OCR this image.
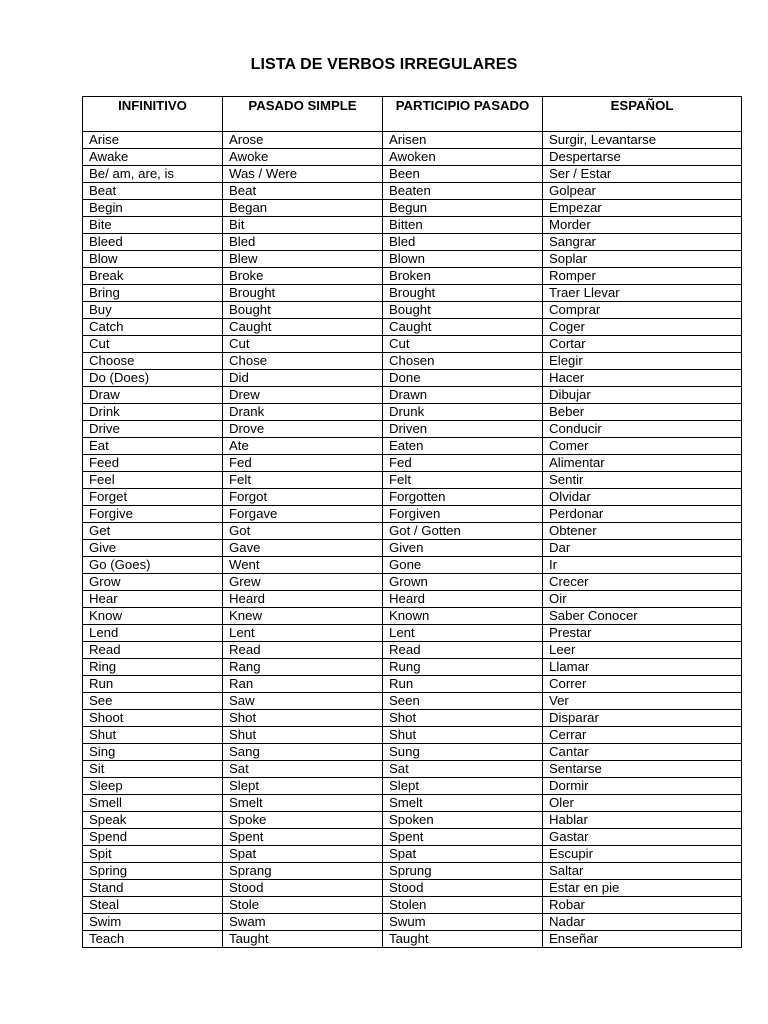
LISTA DE VERBOS IRREGULARES
INFINITIVO	PASADO SIMPLE	PARTICIPIO PASADO	ESPAÑOL
Arise	Arose	Arisen	Surgir, Levantarse
Awake	Awoke	Awoken	Despertarse
Be/ am, are, is	Was / Were	Been	Ser / Estar
Beat	Beat	Beaten	Golpear
Begin	Began	Begun	Empezar
Bite	Bit	Bitten	Morder
Bleed	Bled	Bled	Sangrar
Blow	Blew	Blown	Soplar
Break	Broke	Broken	Romper
Bring	Brought	Brought	Traer Llevar
Buy	Bought	Bought	Comprar
Catch	Caught	Caught	Coger
Cut	Cut	Cut	Cortar
Choose	Chose	Chosen	Elegir
Do (Does)	Did	Done	Hacer
Draw	Drew	Drawn	Dibujar
Drink	Drank	Drunk	Beber
Drive	Drove	Driven	Conducir
Eat	Ate	Eaten	Comer
Feed	Fed	Fed	Alimentar
Feel	Felt	Felt	Sentir
Forget	Forgot	Forgotten	Olvidar
Forgive	Forgave	Forgiven	Perdonar
Get	Got	Got / Gotten	Obtener
Give	Gave	Given	Dar
Go (Goes)	Went	Gone	Ir
Grow	Grew	Grown	Crecer
Hear	Heard	Heard	Oir
Know	Knew	Known	Saber Conocer
Lend	Lent	Lent	Prestar
Read	Read	Read	Leer
Ring	Rang	Rung	Llamar
Run	Ran	Run	Correr
See	Saw	Seen	Ver
Shoot	Shot	Shot	Disparar
Shut	Shut	Shut	Cerrar
Sing	Sang	Sung	Cantar
Sit	Sat	Sat	Sentarse
Sleep	Slept	Slept	Dormir
Smell	Smelt	Smelt	Oler
Speak	Spoke	Spoken	Hablar
Spend	Spent	Spent	Gastar
Spit	Spat	Spat	Escupir
Spring	Sprang	Sprung	Saltar
Stand	Stood	Stood	Estar en pie
Steal	Stole	Stolen	Robar
Swim	Swam	Swum	Nadar
Teach	Taught	Taught	Enseñar
